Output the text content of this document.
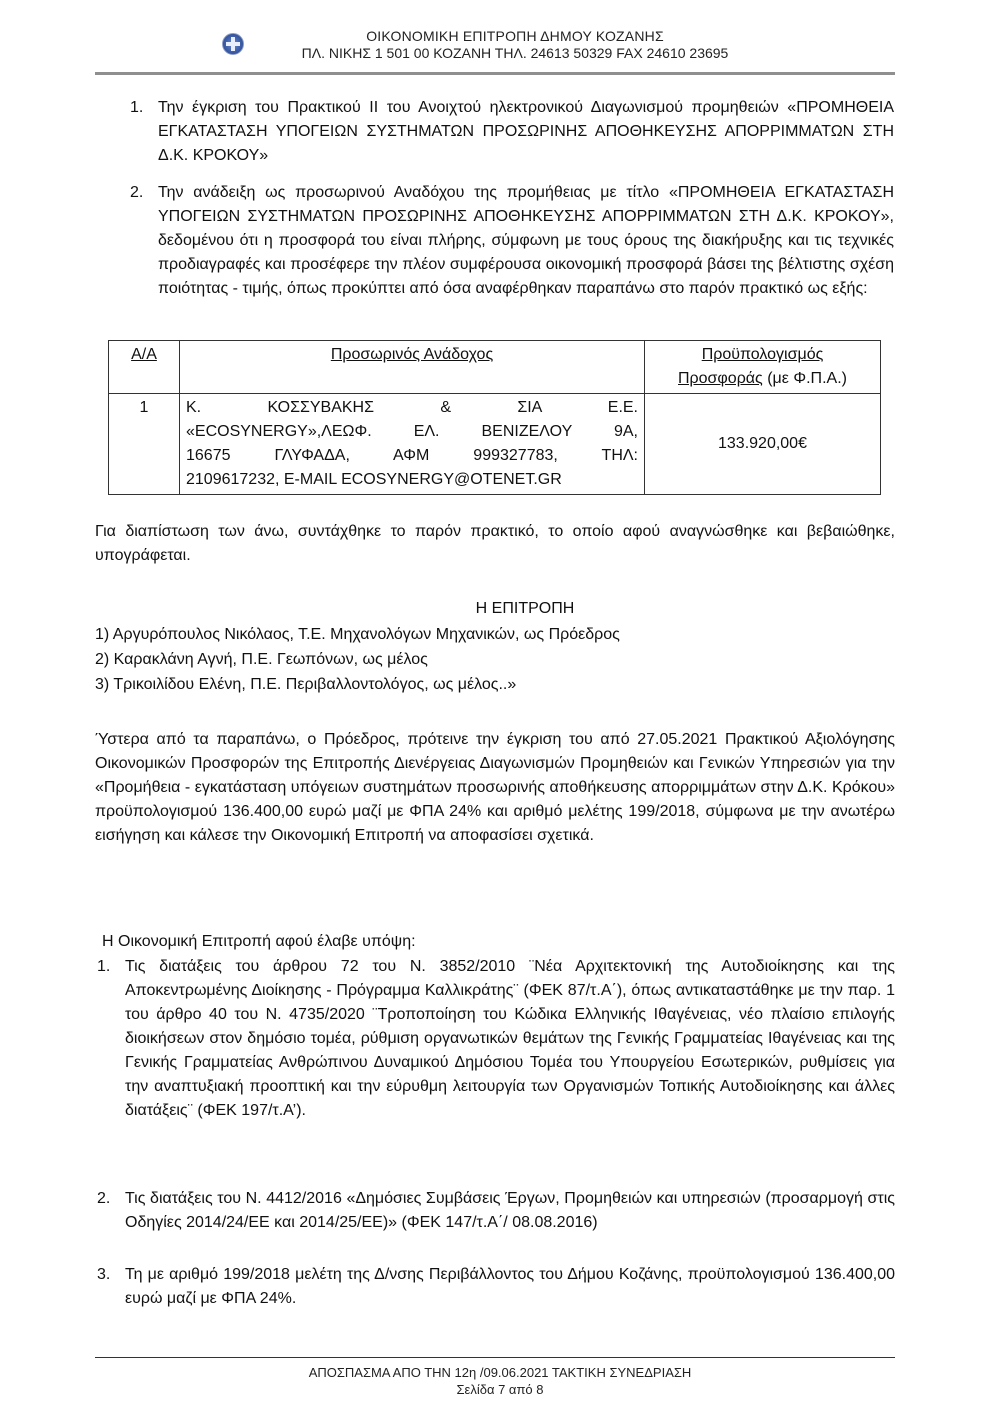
ΟΙΚΟΝΟΜΙΚΗ ΕΠΙΤΡΟΠΗ ΔΗΜΟΥ ΚΟΖΑΝΗΣ
ΠΛ. ΝΙΚΗΣ 1 501 00 ΚΟΖΑΝΗ ΤΗΛ. 24613 50329 FAX 24610 23695
1. Την έγκριση του Πρακτικού ΙΙ του Ανοιχτού ηλεκτρονικού Διαγωνισμού προμηθειών «ΠΡΟΜΗΘΕΙΑ ΕΓΚΑΤΑΣΤΑΣΗ ΥΠΟΓΕΙΩΝ ΣΥΣΤΗΜΑΤΩΝ ΠΡΟΣΩΡΙΝΗΣ ΑΠΟΘΗΚΕΥΣΗΣ ΑΠΟΡΡΙΜΜΑΤΩΝ ΣΤΗ Δ.Κ. ΚΡΟΚΟΥ»
2. Την ανάδειξη ως προσωρινού Αναδόχου της προμήθειας με τίτλο «ΠΡΟΜΗΘΕΙΑ ΕΓΚΑΤΑΣΤΑΣΗ ΥΠΟΓΕΙΩΝ ΣΥΣΤΗΜΑΤΩΝ ΠΡΟΣΩΡΙΝΗΣ ΑΠΟΘΗΚΕΥΣΗΣ ΑΠΟΡΡΙΜΜΑΤΩΝ ΣΤΗ Δ.Κ. ΚΡΟΚΟΥ», δεδομένου ότι η προσφορά του είναι πλήρης, σύμφωνη με τους όρους της διακήρυξης και τις τεχνικές προδιαγραφές και προσέφερε την πλέον συμφέρουσα οικονομική προσφορά βάσει της βέλτιστης σχέση ποιότητας - τιμής, όπως προκύπτει από όσα αναφέρθηκαν παραπάνω στο παρόν πρακτικό ως εξής:
Α/Α	Προσωρινός Ανάδοχος	Προϋπολογισμός
Προσφοράς (με Φ.Π.Α.)

1	Κ.          ΚΟΣΣΥΒΑΚΗΣ          &          ΣΙΑ          Ε.Ε.
«ECOSYNERGY»,ΛΕΩΦ.  ΕΛ.  ΒΕΝΙΖΕΛΟΥ  9Α,
16675   ΓΛΥΦΑΔΑ,   ΑΦΜ   999327783,   ΤΗΛ:
2109617232, E-MAIL ECOSYNERGY@OTENET.GR	133.920,00€
Για διαπίστωση των άνω, συντάχθηκε το παρόν πρακτικό, το οποίο αφού αναγνώσθηκε και βεβαιώθηκε, υπογράφεται.
Η ΕΠΙΤΡΟΠΗ
1) Αργυρόπουλος Νικόλαος, Τ.Ε. Μηχανολόγων Μηχανικών, ως Πρόεδρος
2) Καρακλάνη Αγνή, Π.Ε. Γεωπόνων, ως μέλος
3) Τρικοιλίδου Ελένη, Π.Ε. Περιβαλλοντολόγος, ως μέλος..»
Ύστερα από τα παραπάνω, ο Πρόεδρος, πρότεινε την έγκριση του από 27.05.2021 Πρακτικού Αξιολόγησης Οικονομικών Προσφορών της Επιτροπής Διενέργειας Διαγωνισμών Προμηθειών και Γενικών Υπηρεσιών για την «Προμήθεια - εγκατάσταση υπόγειων συστημάτων προσωρινής αποθήκευσης απορριμμάτων στην Δ.Κ. Κρόκου» προϋπολογισμού 136.400,00 ευρώ μαζί με ΦΠΑ 24% και αριθμό μελέτης 199/2018, σύμφωνα με την ανωτέρω εισήγηση και κάλεσε την Οικονομική Επιτροπή να αποφασίσει σχετικά.
Η Οικονομική Επιτροπή αφού έλαβε υπόψη:
1. Τις διατάξεις του άρθρου 72 του Ν. 3852/2010 ¨Νέα Αρχιτεκτονική της Αυτοδιοίκησης και της Αποκεντρωμένης Διοίκησης - Πρόγραμμα Καλλικράτης¨ (ΦΕΚ 87/τ.Α΄), όπως αντικαταστάθηκε με την παρ. 1 του άρθρο 40 του Ν. 4735/2020 ¨Τροποποίηση του Κώδικα Ελληνικής Ιθαγένειας, νέο πλαίσιο επιλογής διοικήσεων στον δημόσιο τομέα, ρύθμιση οργανωτικών θεμάτων της Γενικής Γραμματείας Ιθαγένειας και της Γενικής Γραμματείας Ανθρώπινου Δυναμικού Δημόσιου Τομέα του Υπουργείου Εσωτερικών, ρυθμίσεις για την αναπτυξιακή προοπτική και την εύρυθμη λειτουργία των Οργανισμών Τοπικής Αυτοδιοίκησης και άλλες διατάξεις¨ (ΦΕΚ 197/τ.Α’).
2. Τις διατάξεις του Ν. 4412/2016 «Δημόσιες Συμβάσεις Έργων, Προμηθειών και υπηρεσιών (προσαρμογή στις Οδηγίες 2014/24/ΕΕ και 2014/25/ΕΕ)» (ΦΕΚ 147/τ.Α΄/ 08.08.2016)
3. Τη με αριθμό 199/2018 μελέτη της Δ/νσης Περιβάλλοντος του Δήμου Κοζάνης, προϋπολογισμού 136.400,00 ευρώ μαζί με ΦΠΑ 24%.
ΑΠΟΣΠΑΣΜΑ ΑΠΟ ΤΗΝ 12η /09.06.2021 ΤΑΚΤΙΚΗ ΣΥΝΕΔΡΙΑΣΗ
Σελίδα 7 από 8
